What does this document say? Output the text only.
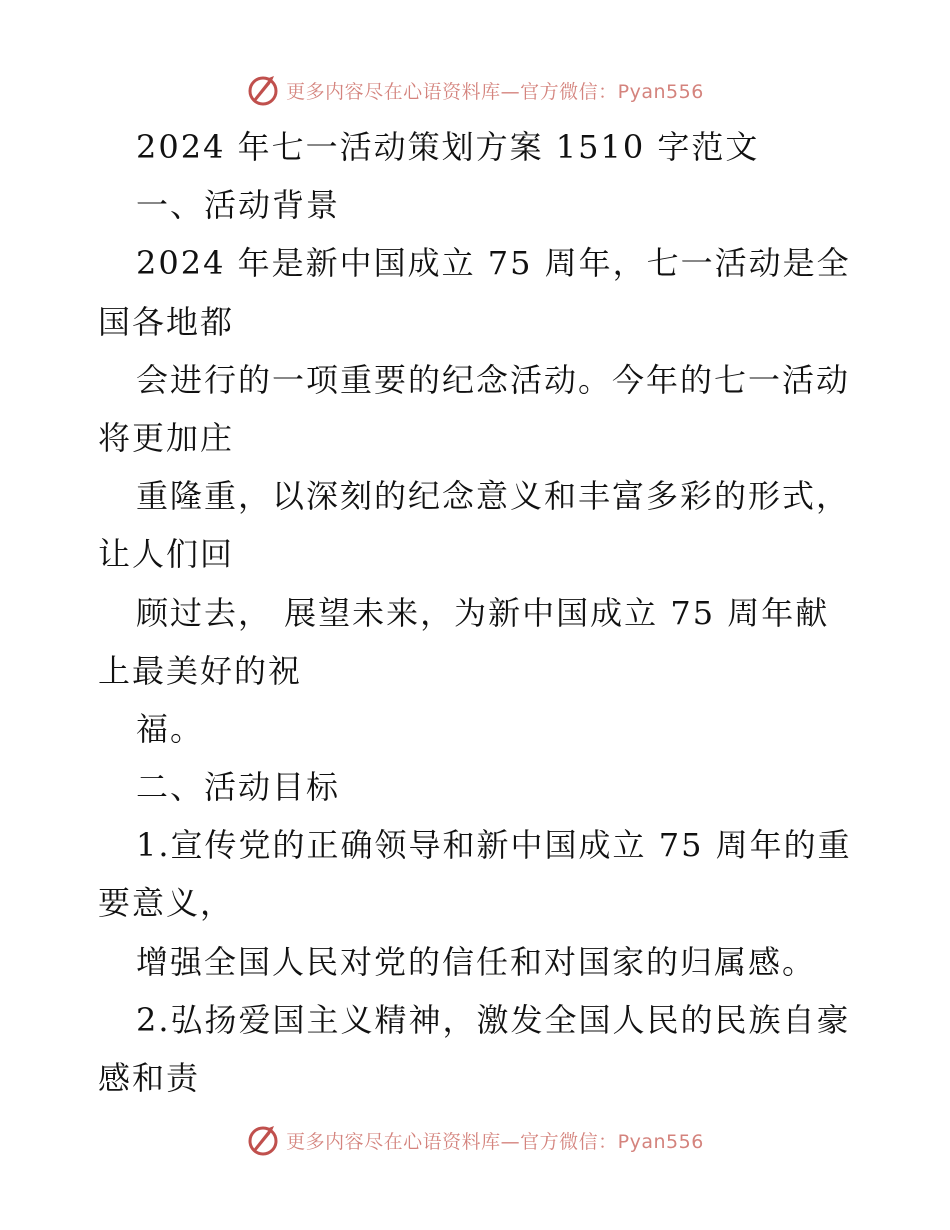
更多内容尽在心语资料库—官方微信：Pyan556
2024 年七一活动策划方案 1510 字范文
一、活动背景
2024 年是新中国成立 75 周年，七一活动是全
国各地都
会进行的一项重要的纪念活动。今年的七一活动
将更加庄
重隆重，以深刻的纪念意义和丰富多彩的形式，
让人们回
顾过去， 展望未来，为新中国成立 75 周年献
上最美好的祝
福。
二、活动目标
1.宣传党的正确领导和新中国成立 75 周年的重
要意义，
增强全国人民对党的信任和对国家的归属感。
2.弘扬爱国主义精神，激发全国人民的民族自豪
感和责
更多内容尽在心语资料库—官方微信：Pyan556
